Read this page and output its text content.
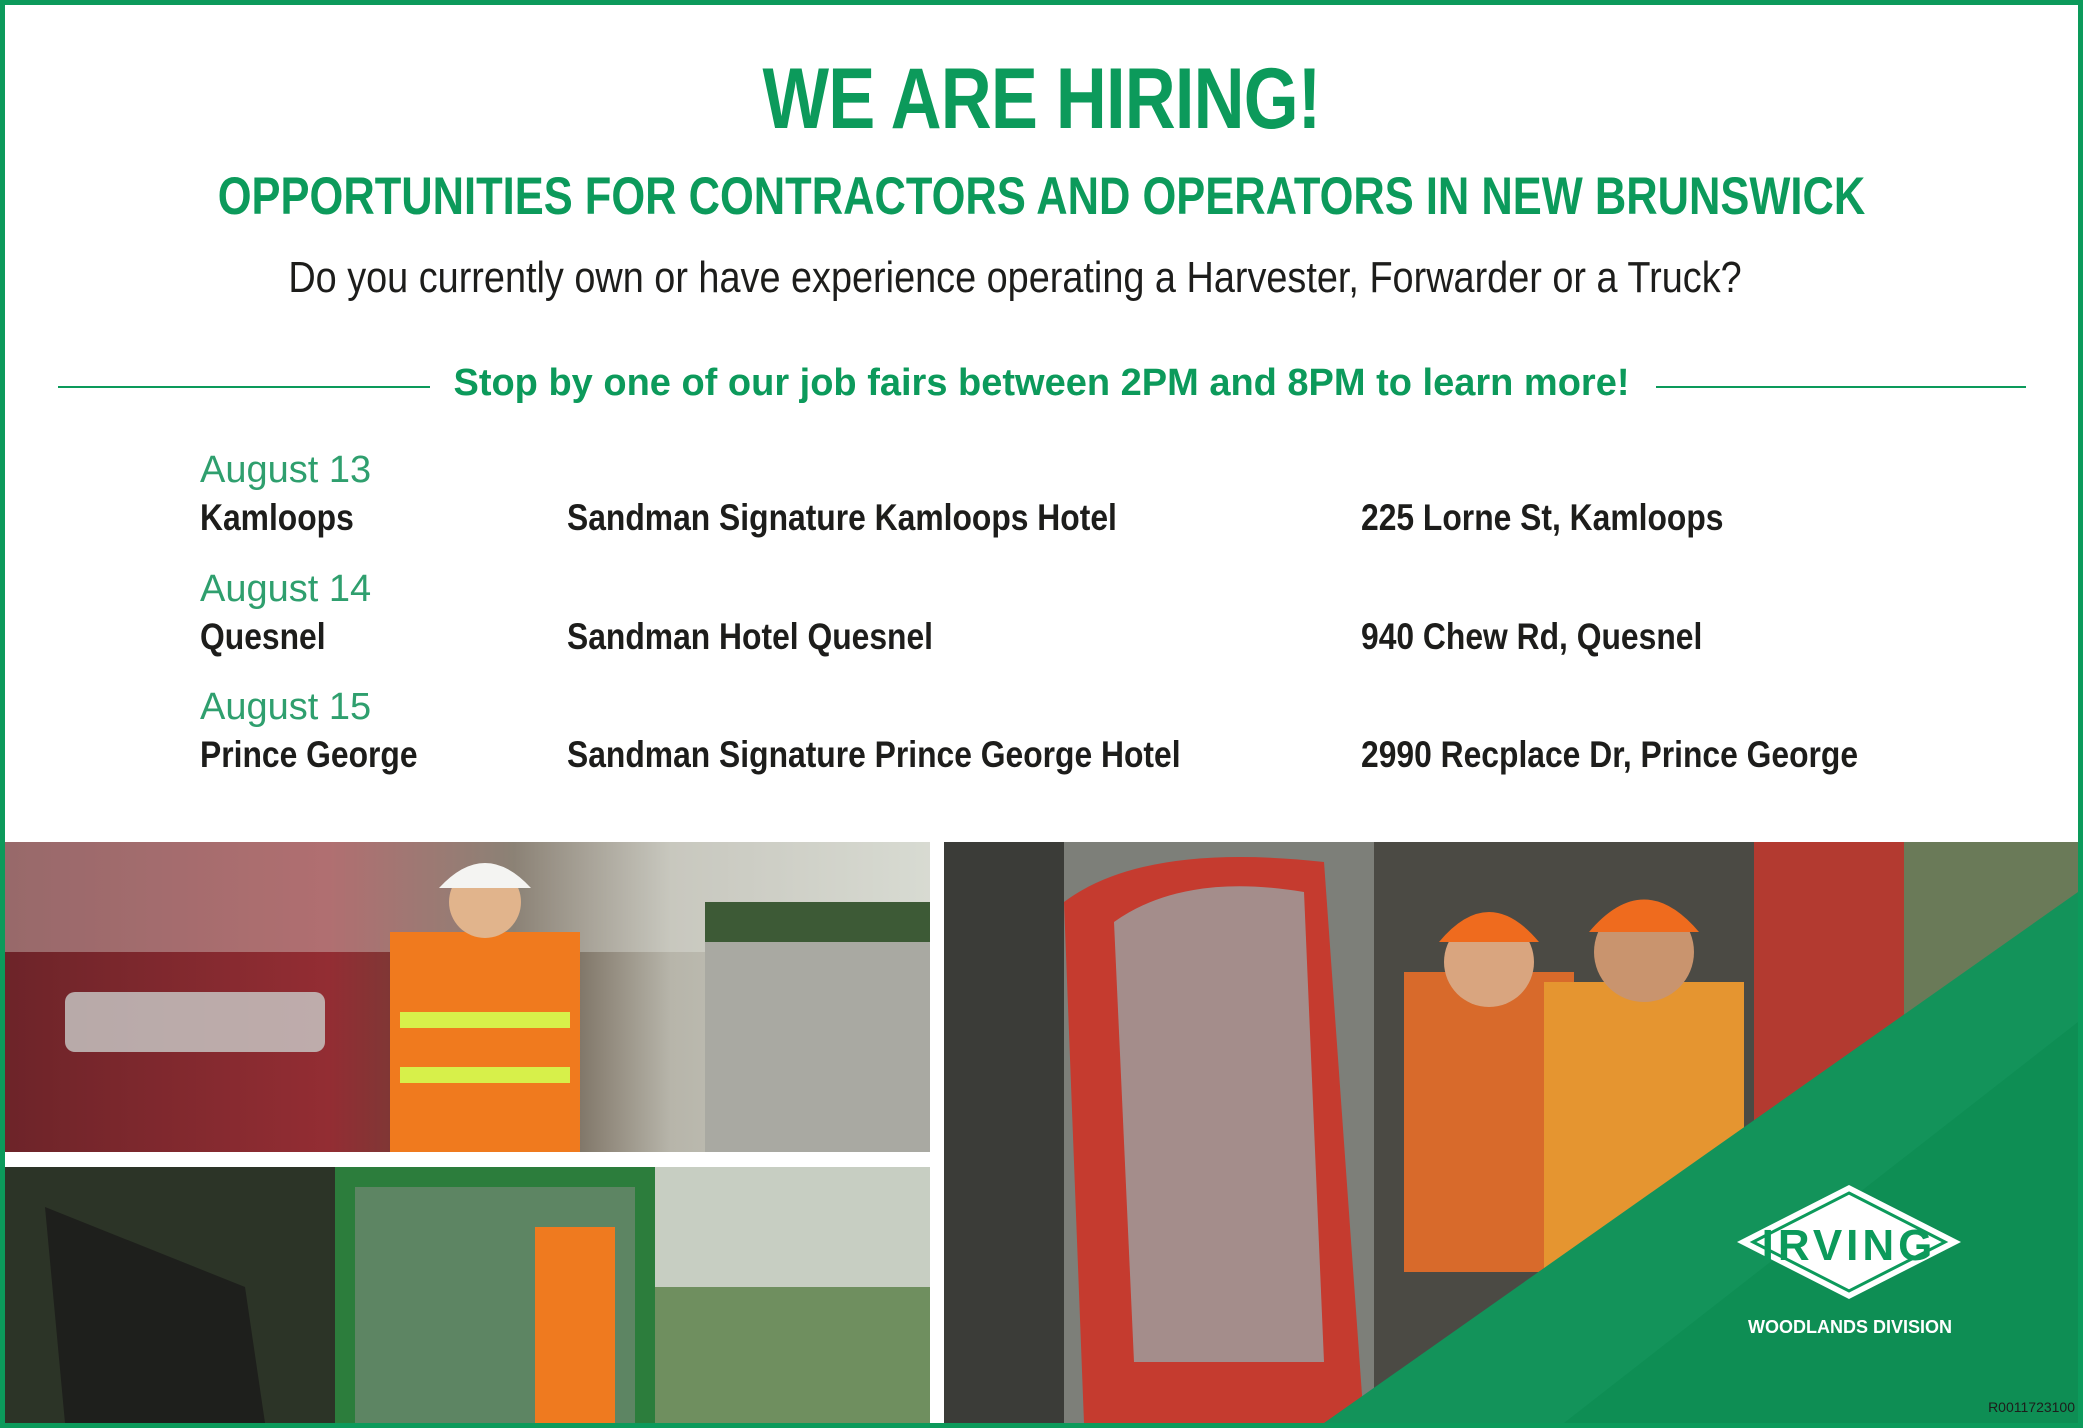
WE ARE HIRING!
OPPORTUNITIES FOR CONTRACTORS AND OPERATORS IN NEW BRUNSWICK
Do you currently own or have experience operating a Harvester, Forwarder or a Truck?
Stop by one of our job fairs between 2PM and 8PM to learn more!
August 13
Kamloops	Sandman Signature Kamloops Hotel	225 Lorne St, Kamloops
August 14
Quesnel	Sandman Hotel Quesnel	940 Chew Rd, Quesnel
August 15
Prince George	Sandman Signature Prince George Hotel	2990 Recplace Dr, Prince George
IRVING
WOODLANDS DIVISION
R0011723100
